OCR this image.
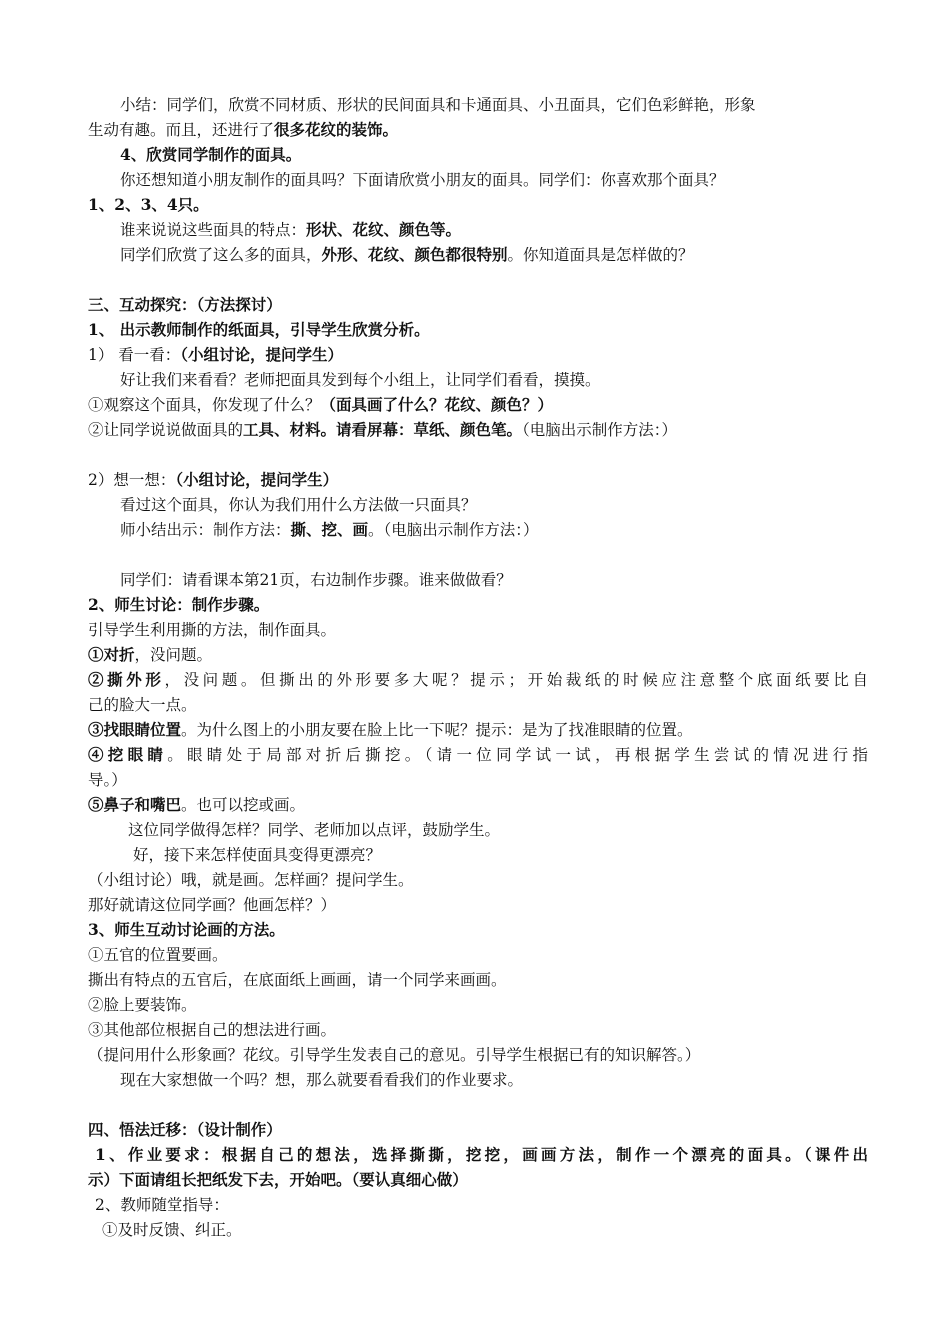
小结：同学们，欣赏不同材质、形状的民间面具和卡通面具、小丑面具，它们色彩鲜艳，形象
生动有趣。而且，还进行了很多花纹的装饰。
4、欣赏同学制作的面具。
你还想知道小朋友制作的面具吗？下面请欣赏小朋友的面具。同学们：你喜欢那个面具？
1、2、3、4只。
谁来说说这些面具的特点：形状、花纹、颜色等。
同学们欣赏了这么多的面具，外形、花纹、颜色都很特别。你知道面具是怎样做的？
三、互动探究：（方法探讨）
1、 出示教师制作的纸面具，引导学生欣赏分析。
1） 看一看：（小组讨论，提问学生）
好让我们来看看？老师把面具发到每个小组上，让同学们看看，摸摸。
①观察这个面具，你发现了什么？（面具画了什么？花纹、颜色？）
②让同学说说做面具的工具、材料。请看屏幕：草纸、颜色笔。（电脑出示制作方法：）
2）想一想：（小组讨论，提问学生）
看过这个面具，你认为我们用什么方法做一只面具？
师小结出示：制作方法：撕、挖、画。（电脑出示制作方法：）
同学们：请看课本第21页，右边制作步骤。谁来做做看？
2、师生讨论：制作步骤。
引导学生利用撕的方法，制作面具。
①对折，没问题。
②撕外形，没问题。但撕出的外形要多大呢？提示；开始裁纸的时候应注意整个底面纸要比自
己的脸大一点。
③找眼睛位置。为什么图上的小朋友要在脸上比一下呢？提示：是为了找准眼睛的位置。
④挖眼睛。眼睛处于局部对折后撕挖。（请一位同学试一试，再根据学生尝试的情况进行指
导。）
⑤鼻子和嘴巴。也可以挖或画。
这位同学做得怎样？同学、老师加以点评，鼓励学生。
好，接下来怎样使面具变得更漂亮？
（小组讨论）哦，就是画。怎样画？提问学生。
那好就请这位同学画？他画怎样？）
3、师生互动讨论画的方法。
①五官的位置要画。
撕出有特点的五官后，在底面纸上画画，请一个同学来画画。
②脸上要装饰。
③其他部位根据自己的想法进行画。
（提问用什么形象画？花纹。引导学生发表自己的意见。引导学生根据已有的知识解答。）
现在大家想做一个吗？想，那么就要看看我们的作业要求。
四、悟法迁移：（设计制作）
1、作业要求：根据自己的想法，选择撕撕，挖挖，画画方法，制作一个漂亮的面具。（课件出
示）下面请组长把纸发下去，开始吧。（要认真细心做）
2、教师随堂指导：
①及时反馈、纠正。
